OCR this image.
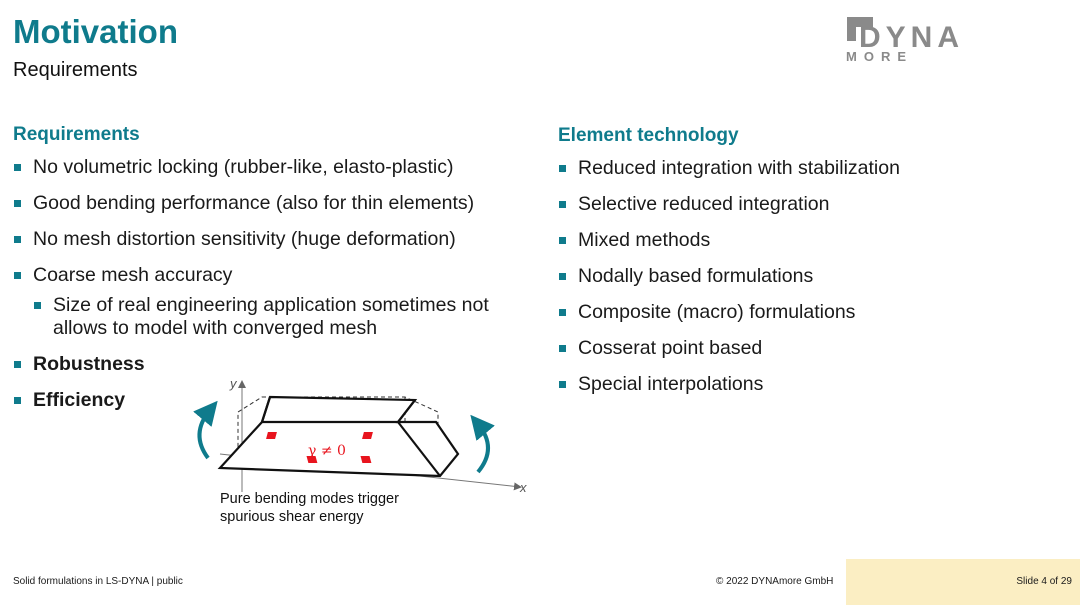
Motivation
Requirements
DYNA
MORE
Requirements
No volumetric locking (rubber-like, elasto-plastic)
Good bending performance (also for thin elements)
No mesh distortion sensitivity (huge deformation)
Coarse mesh accuracy
Size of real engineering application sometimes not allows to model with converged mesh
Robustness
Efficiency
Element technology
Reduced integration with stabilization
Selective reduced integration
Mixed methods
Nodally based formulations
Composite (macro) formulations
Cosserat point based
Special interpolations
y
x
γ ≠ 0
Pure bending modes trigger
spurious shear energy
Solid formulations in LS-DYNA | public	© 2022 DYNAmore GmbH	Slide 4 of 29
